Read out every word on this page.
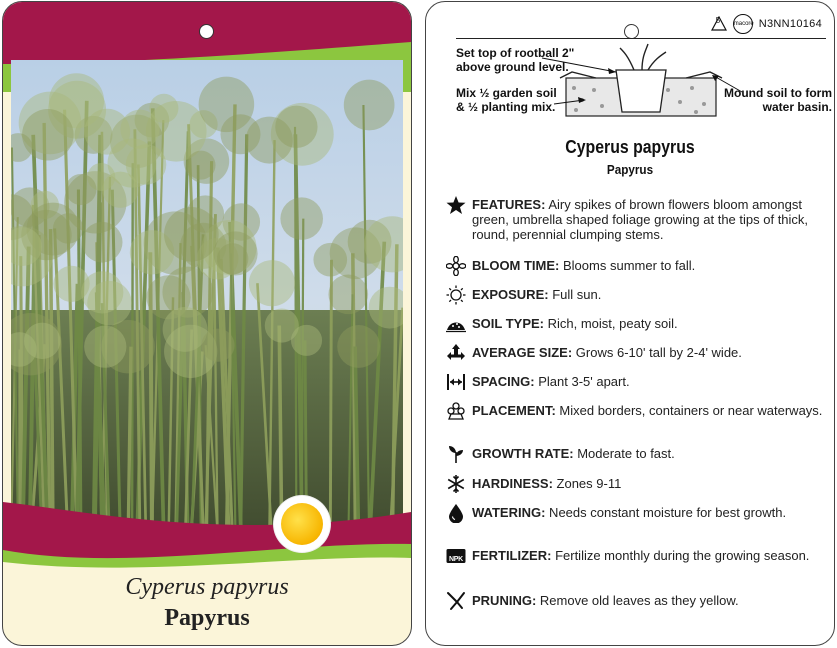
Cyperus papyrus
Papyrus
5 macore N3NN10164
Set top of rootball 2"
above ground level.
Mix ½ garden soil
& ½ planting mix.
Mound soil to form
water basin.
Cyperus papyrus
Papyrus
FEATURES: Airy spikes of brown flowers bloom amongst green, umbrella shaped foliage growing at the tips of thick, round, perennial clumping stems.
BLOOM TIME: Blooms summer to fall.
EXPOSURE: Full sun.
SOIL TYPE: Rich, moist, peaty soil.
AVERAGE SIZE: Grows 6-10' tall by 2-4' wide.
SPACING: Plant 3-5' apart.
PLACEMENT: Mixed borders, containers or near waterways.
GROWTH RATE: Moderate to fast.
HARDINESS: Zones 9-11
WATERING: Needs constant moisture for best growth.
NPK FERTILIZER: Fertilize monthly during the growing season.
PRUNING: Remove old leaves as they yellow.
